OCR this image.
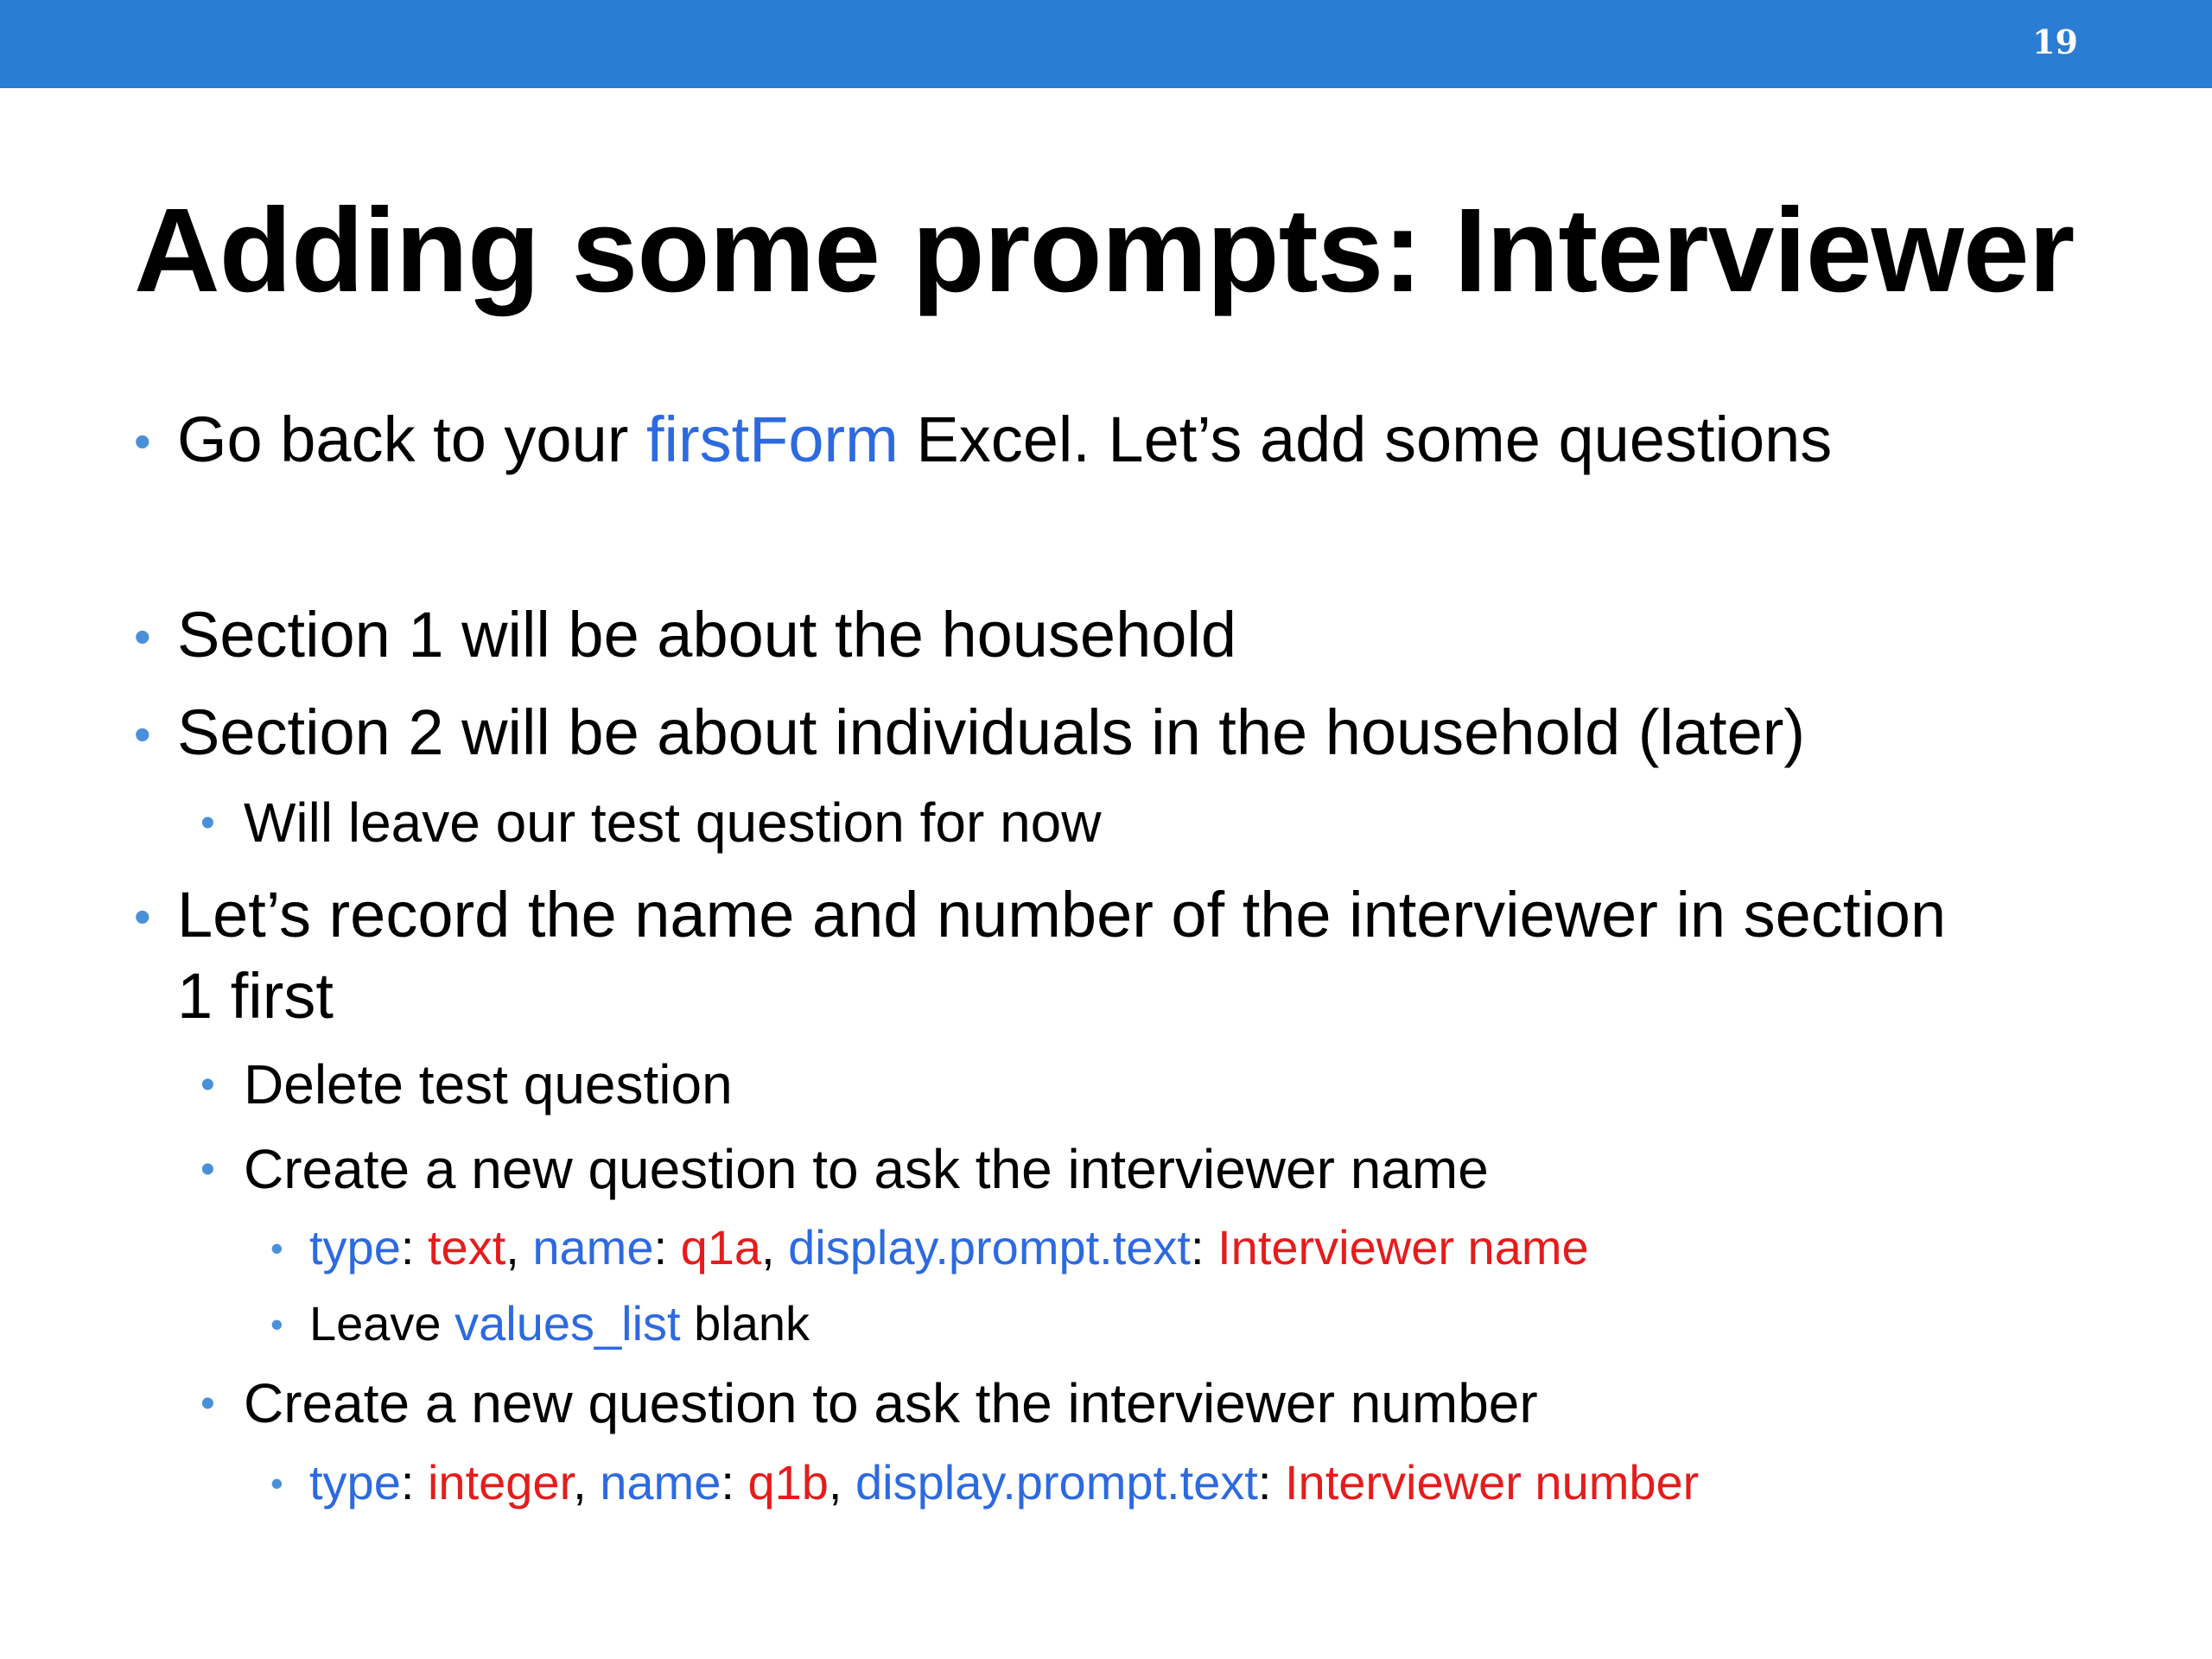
19
Adding some prompts: Interviewer
• Go back to your firstForm Excel. Let’s add some questions
• Section 1 will be about the household
• Section 2 will be about individuals in the household (later)
• Will leave our test question for now
• Let’s record the name and number of the interviewer in section
1 first
• Delete test question
• Create a new question to ask the interviewer name
• type: text, name: q1a, display.prompt.text: Interviewer name
• Leave values_list blank
• Create a new question to ask the interviewer number
• type: integer, name: q1b, display.prompt.text: Interviewer number
